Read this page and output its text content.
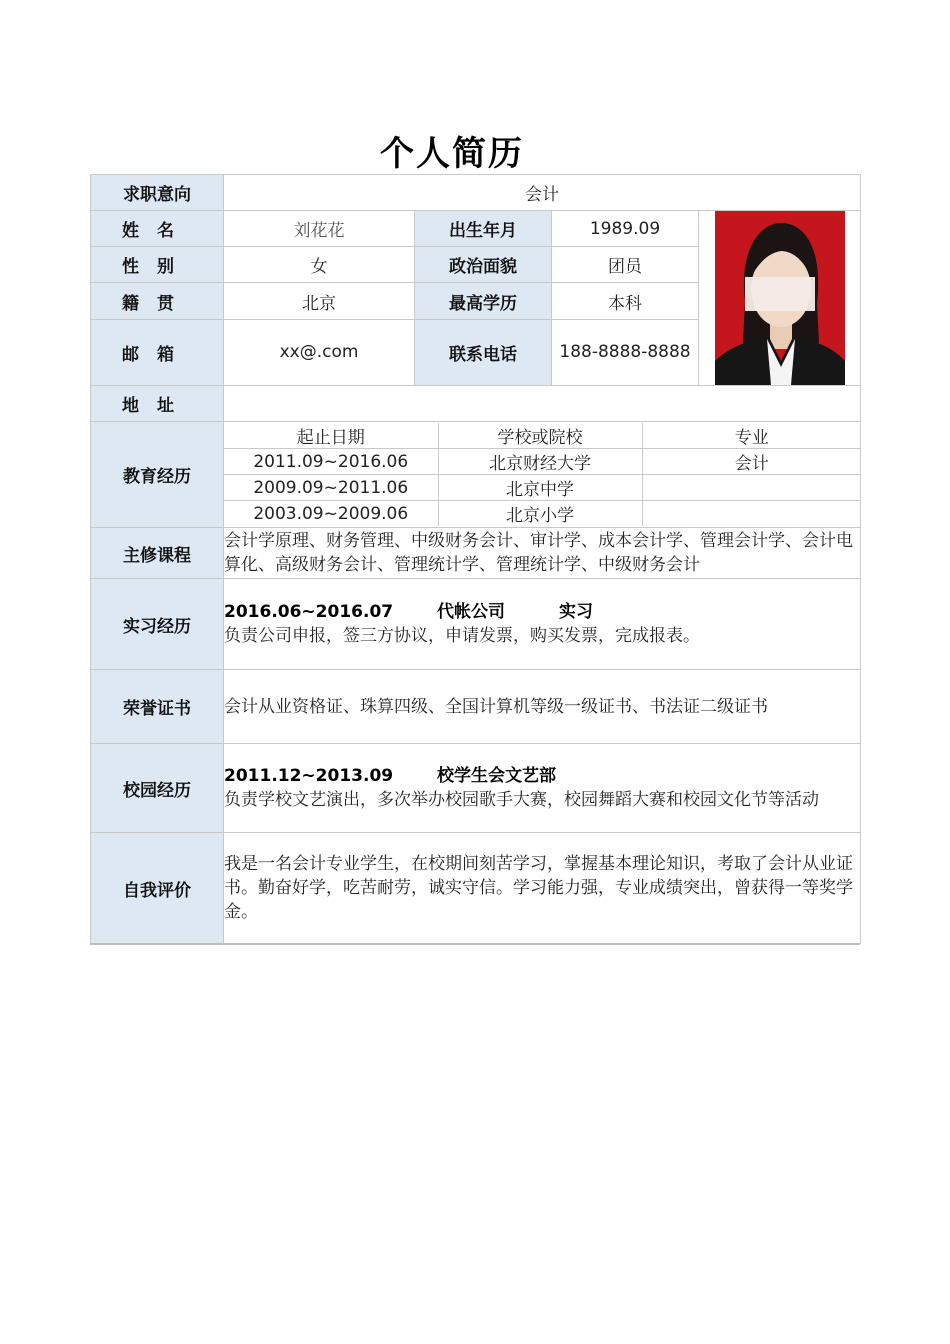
个人简历
求职意向	会计
姓名	刘花花	出生年月	1989.09	

性别	女	政治面貌	团员
籍贯	北京	最高学历	本科
邮箱	xx@.com	联系电话	188-8888-8888
地址	
教育经历	
起止日期	学校或院校	专业
2011.09~2016.06	北京财经大学	会计
2009.09~2011.06	北京中学	
2003.09~2009.06	北京小学	

主修课程	会计学原理、财务管理、中级财务会计、审计学、成本会计学、管理会计学、会计电算化、高级财务会计、管理统计学、管理统计学、中级财务会计
实习经历	
2016.06~2016.07	代帐公司	实习
负责公司申报，签三方协议，申请发票，购买发票，完成报表。

荣誉证书	会计从业资格证、珠算四级、全国计算机等级一级证书、书法证二级证书
校园经历	
2011.12~2013.09	校学生会文艺部
负责学校文艺演出，多次举办校园歌手大赛，校园舞蹈大赛和校园文化节等活动

自我评价	我是一名会计专业学生，在校期间刻苦学习，掌握基本理论知识，考取了会计从业证书。勤奋好学，吃苦耐劳，诚实守信。学习能力强，专业成绩突出，曾获得一等奖学金。
